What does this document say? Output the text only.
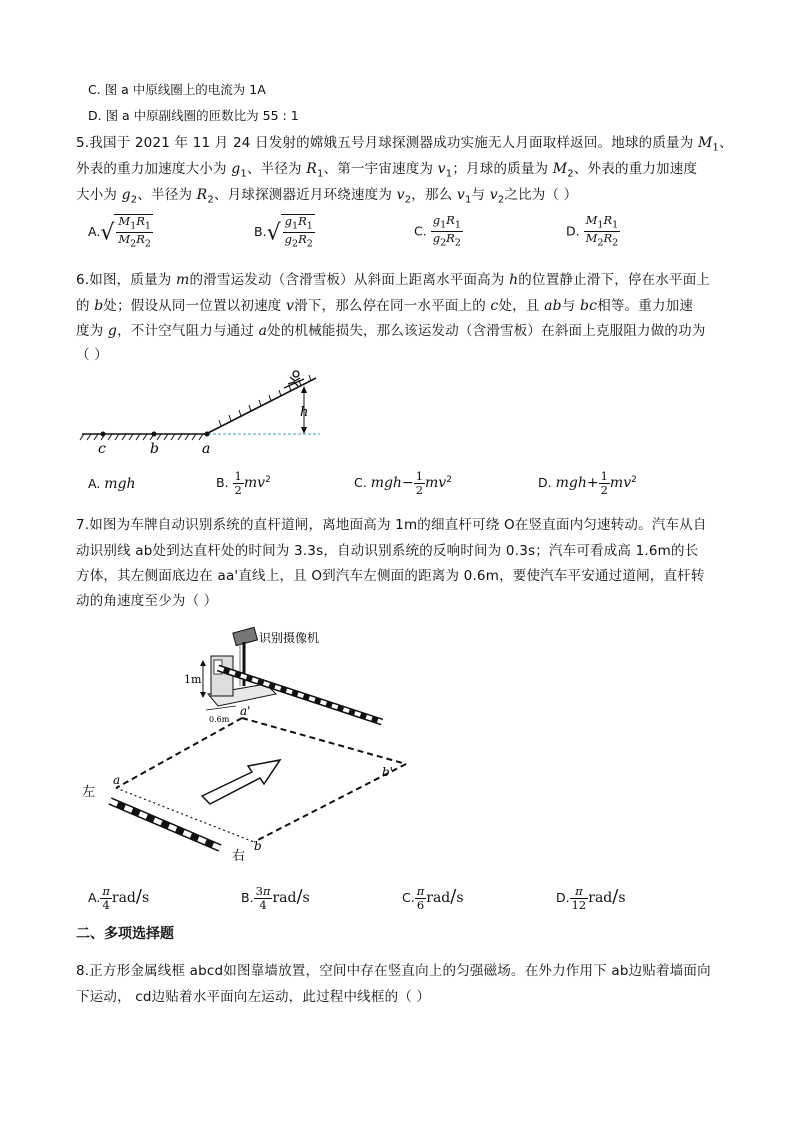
C. 图 a 中原线圈上的电流为 1A
D. 图 a 中原副线圈的匝数比为 55 : 1
5.我国于 2021 年 11 月 24 日发射的嫦娥五号月球探测器成功实施无人月面取样返回。地球的质量为 $M_1$、
外表的重力加速度大小为 $g_1$、半径为 $R_1$、第一宇宙速度为 $v_1$；月球的质量为 $M_2$、外表的重力加速度
大小为 $g_2$、半径为 $R_2$、月球探测器近月环绕速度为 $v_2$，那么 $v_1$与 $v_2$之比为（ ）
$A.√ \frac{M_1R_1}{M_2R_2}$	$B.√ \frac{g_1R_1}{g_2R_2}$	C. $\frac{g_1R_1}{g_2R_2}$	D. $\frac{M_1R_1}{M_2R_2}$
6.如图，质量为 m的滑雪运发动（含滑雪板）从斜面上距离水平面高为 h的位置静止滑下，停在水平面上
的 b处；假设从同一位置以初速度 v滑下，那么停在同一水平面上的 c处，且 ab与 bc相等。重力加速
度为 g，不计空气阻力与通过 a处的机械能损失，那么该运发动（含滑雪板）在斜面上克服阻力做的功为
（ ）
h
c	b	a
A. mgh	B. $\frac{1}{2} mv^2$	C. $mgh- \frac{1}{2} mv^2$	D. $mgh+ \frac{1}{2} mv^2$
7.如图为车牌自动识别系统的直杆道闸，离地面高为 1m的细直杆可绕 O在竖直面内匀速转动。汽车从自
动识别线 ab处到达直杆处的时间为 3.3s，自动识别系统的反响时间为 0.3s；汽车可看成高 1.6m的长
方体，其左侧面底边在 aa'直线上，且 O到汽车左侧面的距离为 0.6m，要使汽车平安通过道闸，直杆转
动的角速度至少为（ ）
识别摄像机
1m
0.6m
a'
b'
a
b
左
右
A. $\frac{\pi}{4} rad/s$	B. $\frac{3\pi}{4} rad/s$	C. $\frac{\pi}{6} rad/s$	D. $\frac{\pi}{12} rad/s$
二、多项选择题
8.正方形金属线框 abcd如图靠墙放置，空间中存在竖直向上的匀强磁场。在外力作用下 ab边贴着墙面向
下运动， cd边贴着水平面向左运动，此过程中线框的（ ）
